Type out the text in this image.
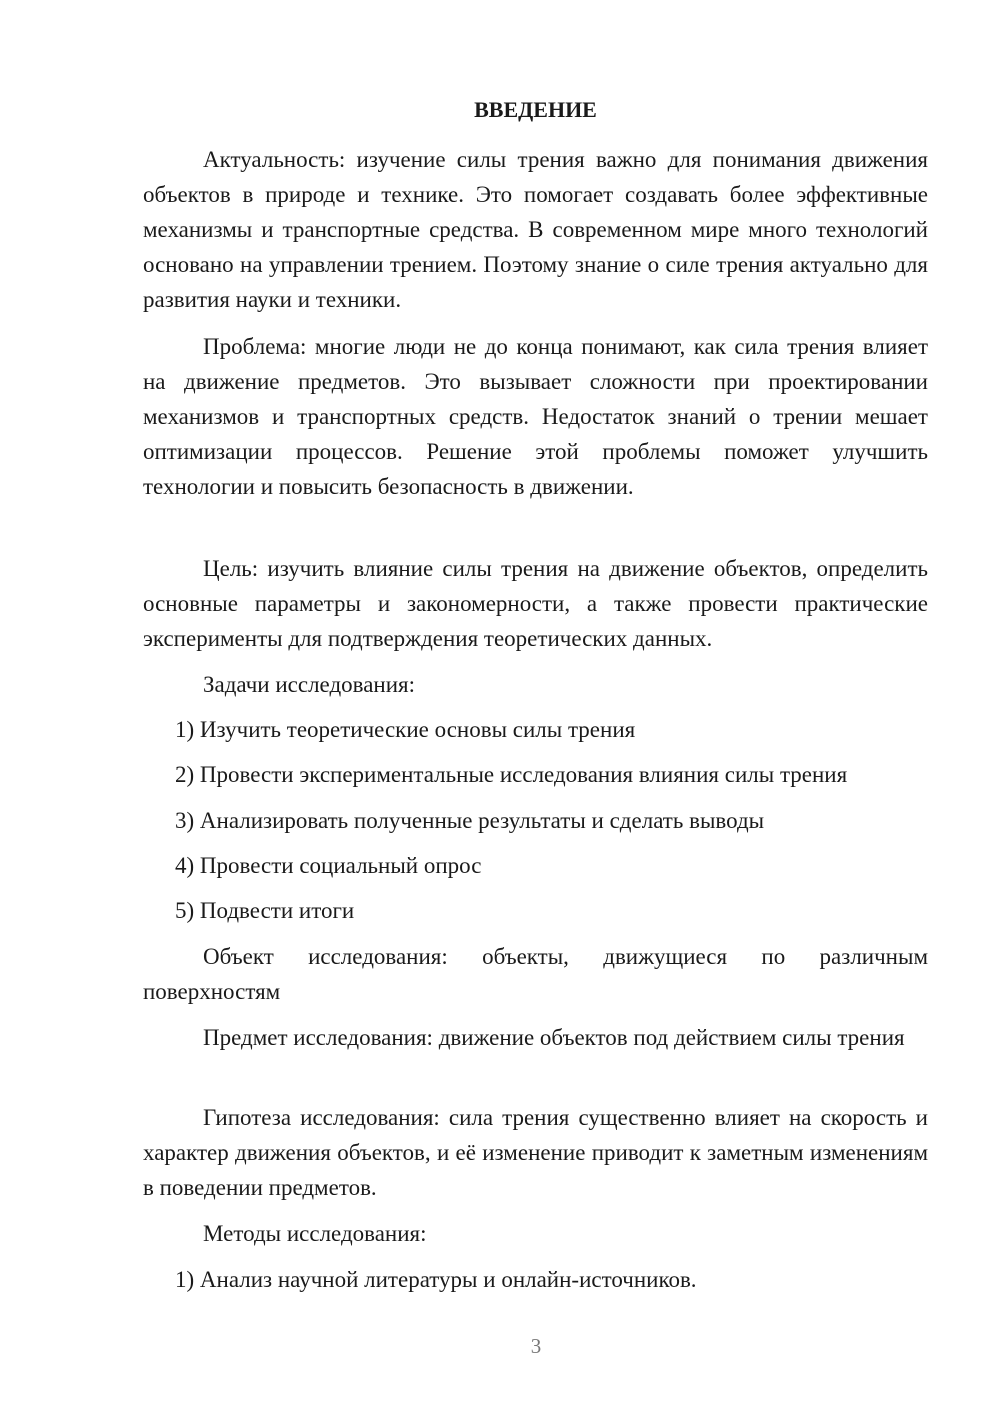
ВВЕДЕНИЕ

Актуальность: изучение силы трения важно для понимания движения объектов в природе и технике. Это помогает создавать более эффективные механизмы и транспортные средства. В современном мире много технологий основано на управлении трением. Поэтому знание о силе трения актуально для развития науки и техники.

Проблема: многие люди не до конца понимают, как сила трения влияет на движение предметов. Это вызывает сложности при проектировании механизмов и транспортных средств. Недостаток знаний о трении мешает оптимизации процессов. Решение этой проблемы поможет улучшить технологии и повысить безопасность в движении.

Цель: изучить влияние силы трения на движение объектов, определить основные параметры и закономерности, а также провести практические эксперименты для подтверждения теоретических данных.

Задачи исследования:
1) Изучить теоретические основы силы трения
2) Провести экспериментальные исследования влияния силы трения
3) Анализировать полученные результаты и сделать выводы
4) Провести социальный опрос
5) Подвести итоги

Объект исследования: объекты, движущиеся по различным поверхностям

Предмет исследования: движение объектов под действием силы трения

Гипотеза исследования: сила трения существенно влияет на скорость и характер движения объектов, и её изменение приводит к заметным изменениям в поведении предметов.

Методы исследования:
1) Анализ научной литературы и онлайн-источников.
3
